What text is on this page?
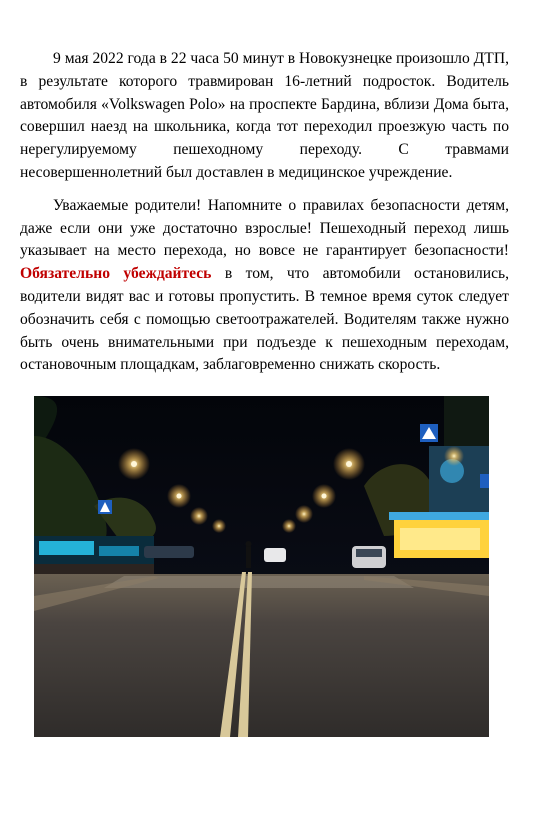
9 мая 2022 года в 22 часа 50 минут в Новокузнецке произошло ДТП, в результате которого травмирован 16-летний подросток. Водитель автомобиля «Volkswagen Polo» на проспекте Бардина, вблизи Дома быта, совершил наезд на школьника, когда тот переходил проезжую часть по нерегулируемому пешеходному переходу. С травмами несовершеннолетний был доставлен в медицинское учреждение.

Уважаемые родители! Напомните о правилах безопасности детям, даже если они уже достаточно взрослые! Пешеходный переход лишь указывает на место перехода, но вовсе не гарантирует безопасности! Обязательно убеждайтесь в том, что автомобили остановились, водители видят вас и готовы пропустить. В темное время суток следует обозначить себя с помощью светоотражателей. Водителям также нужно быть очень внимательными при подъезде к пешеходным переходам, остановочным площадкам, заблаговременно снижать скорость.
